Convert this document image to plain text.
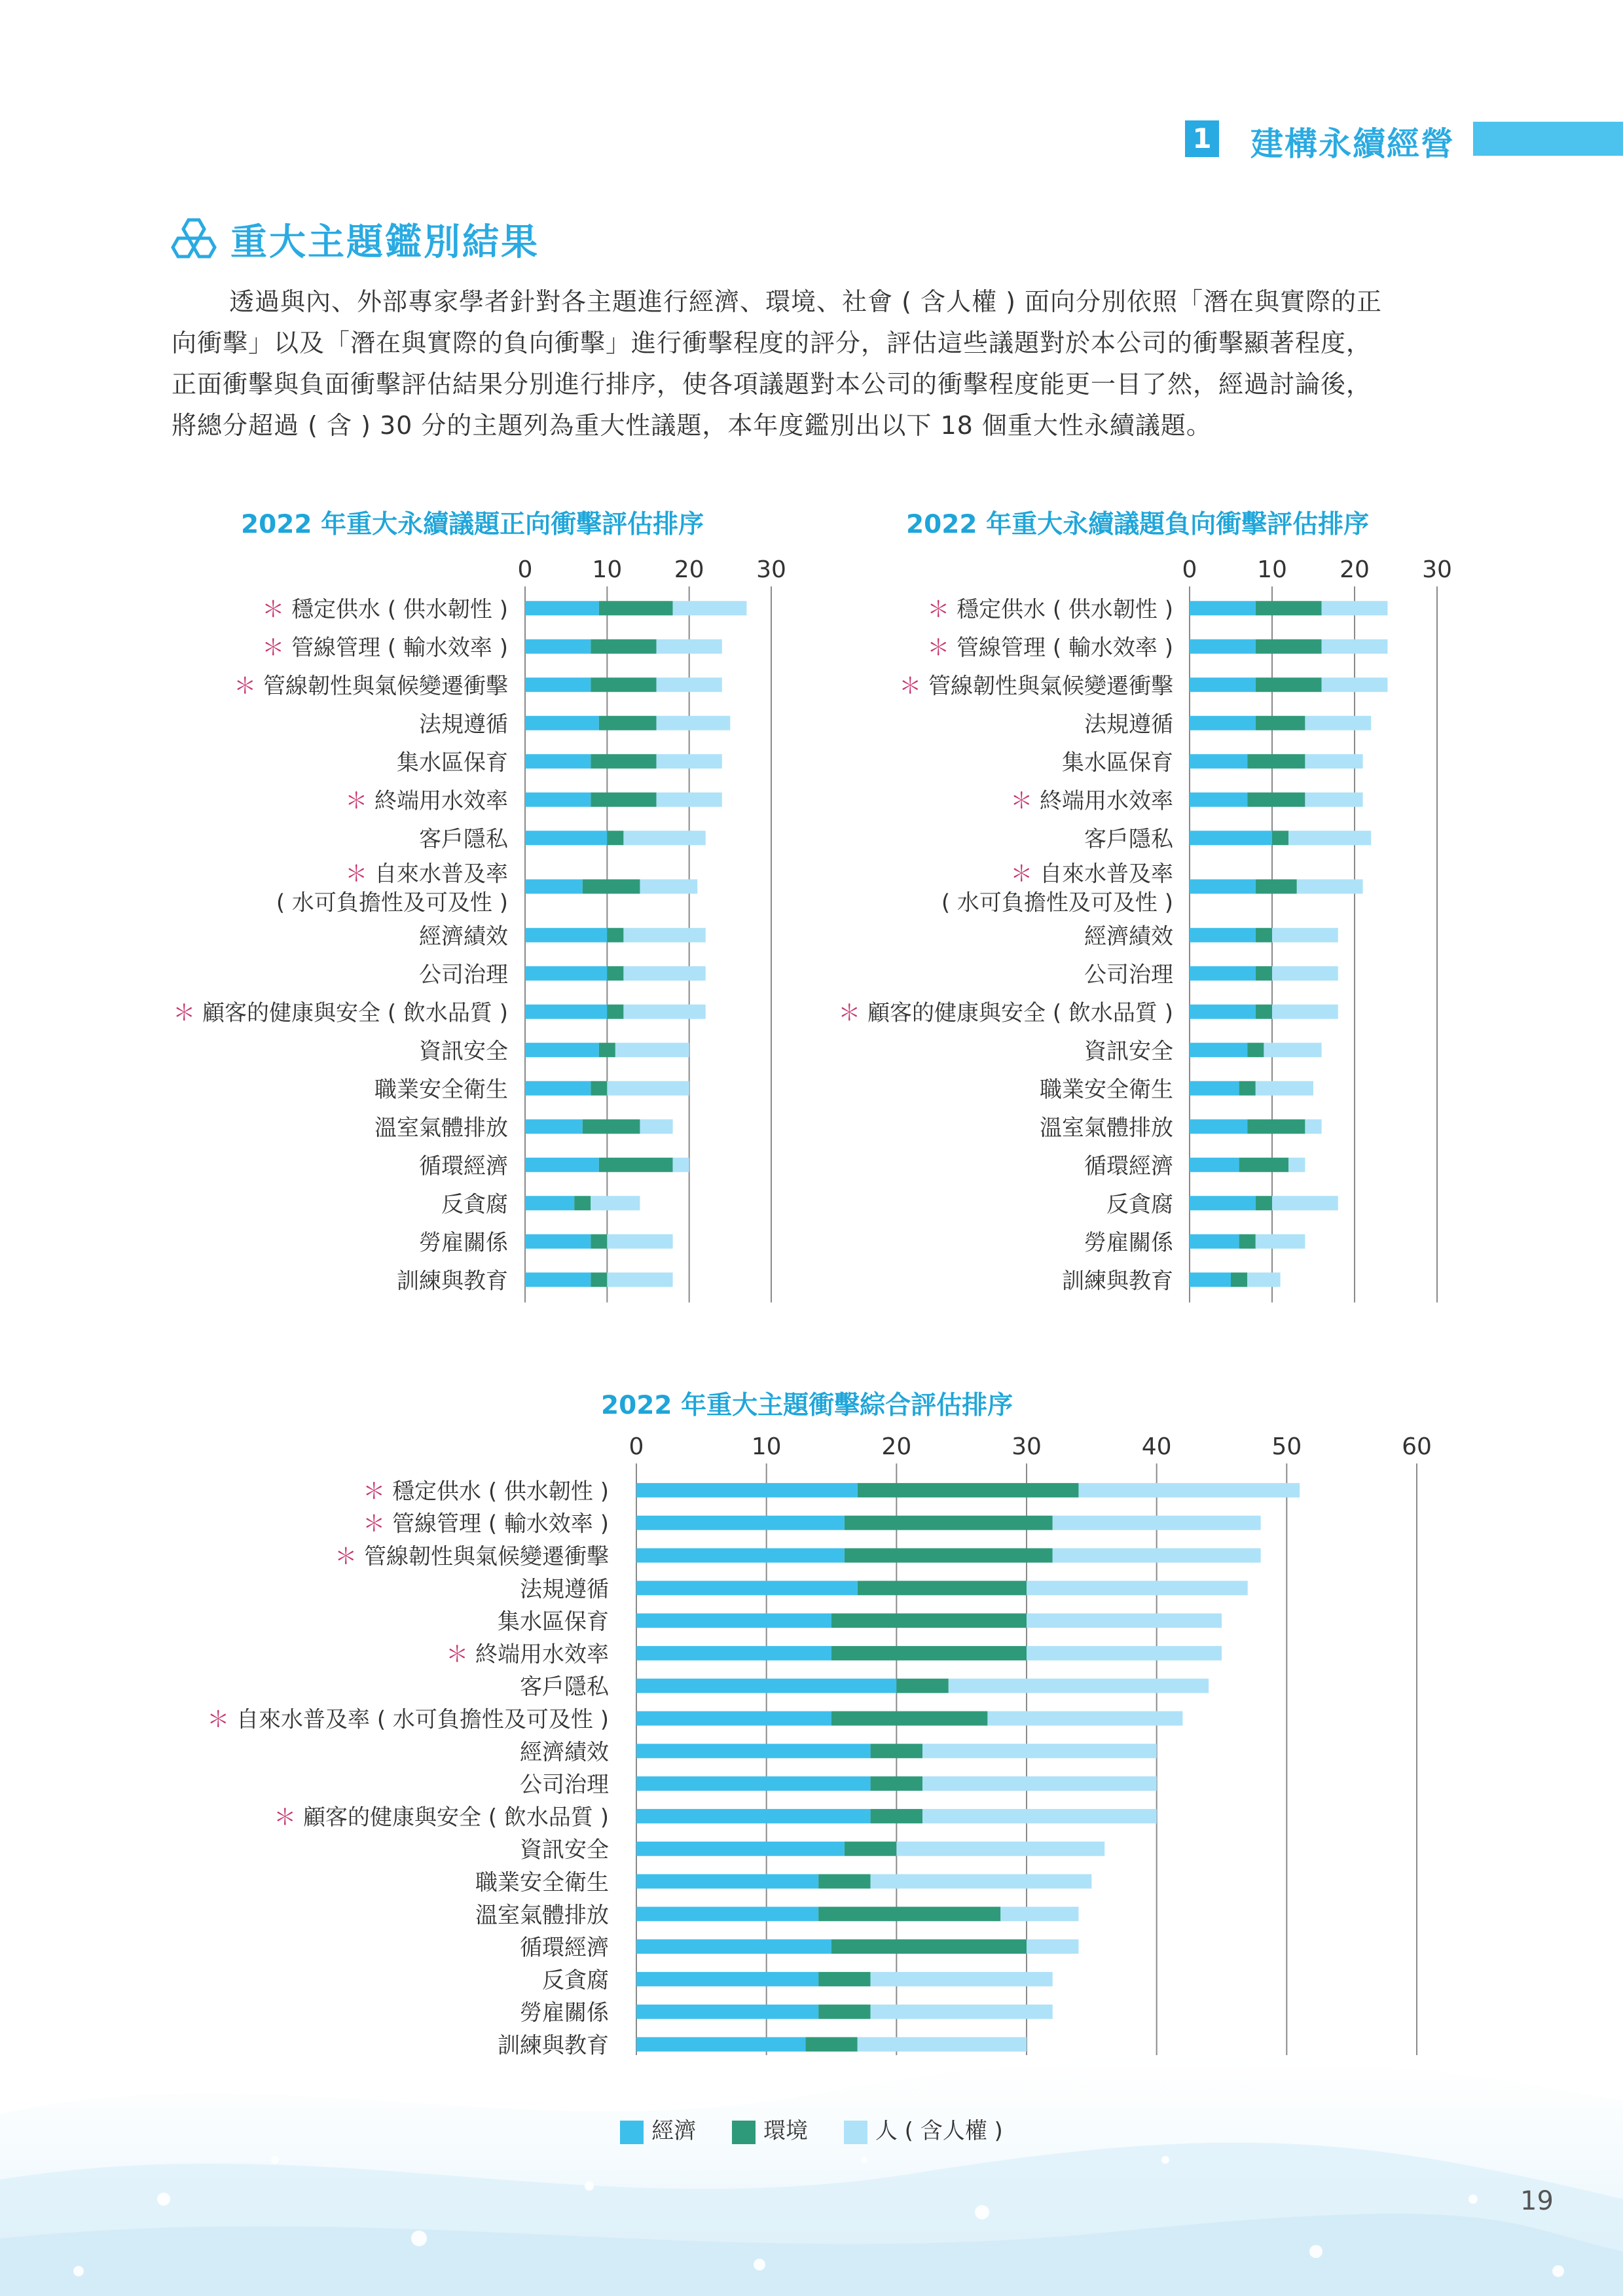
1 建構永續經營
重大主題鑑別結果
透過與內、外部專家學者針對各主題進行經濟、環境、社會 ( 含人權 ) 面向分別依照「潛在與實際的正
向衝擊」以及「潛在與實際的負向衝擊」進行衝擊程度的評分，評估這些議題對於本公司的衝擊顯著程度， 正面衝擊與負面衝擊評估結果分別進行排序，使各項議題對本公司的衝擊程度能更一目了然，經過討論後， 將總分超過 ( 含 ) 30 分的主題列為重大性議題，本年度鑑別出以下 18 個重大性永續議題。
2022 年重大永續議題正向衝擊評估排序	2022 年重大永續議題負向衝擊評估排序
2022 年重大主題衝擊綜合評估排序
0	10 20 30
＊ 穩定供水 ( 供水韌性 )
＊ 管線管理 ( 輸水效率 )
＊ 管線韌性與氣候變遷衝擊
法規遵循
集水區保育
＊ 終端用水效率
客戶隱私
＊ 自來水普及率
( 水可負擔性及可及性 )
經濟績效
公司治理
＊ 顧客的健康與安全 ( 飲水品質 )
資訊安全
職業安全衛生
溫室氣體排放
循環經濟
反貪腐
勞雇關係
訓練與教育
0	10 20 30
＊ 穩定供水 ( 供水韌性 )
＊ 管線管理 ( 輸水效率 )
＊ 管線韌性與氣候變遷衝擊
法規遵循
集水區保育
＊ 終端用水效率
客戶隱私
＊ 自來水普及率
( 水可負擔性及可及性 )
經濟績效
公司治理
＊ 顧客的健康與安全 ( 飲水品質 )
資訊安全
職業安全衛生
溫室氣體排放
循環經濟
反貪腐
勞雇關係
訓練與教育
0	10	20	30	40	50	60
＊ 穩定供水 ( 供水韌性 )
＊ 管線管理 ( 輸水效率 )
＊ 管線韌性與氣候變遷衝擊
法規遵循
集水區保育
＊ 終端用水效率
客戶隱私
＊ 自來水普及率 ( 水可負擔性及可及性 )
經濟績效
公司治理
＊ 顧客的健康與安全 ( 飲水品質 )
資訊安全
職業安全衛生
溫室氣體排放
循環經濟
反貪腐
勞雇關係
訓練與教育
經濟	環境	人 ( 含人權 )
19
